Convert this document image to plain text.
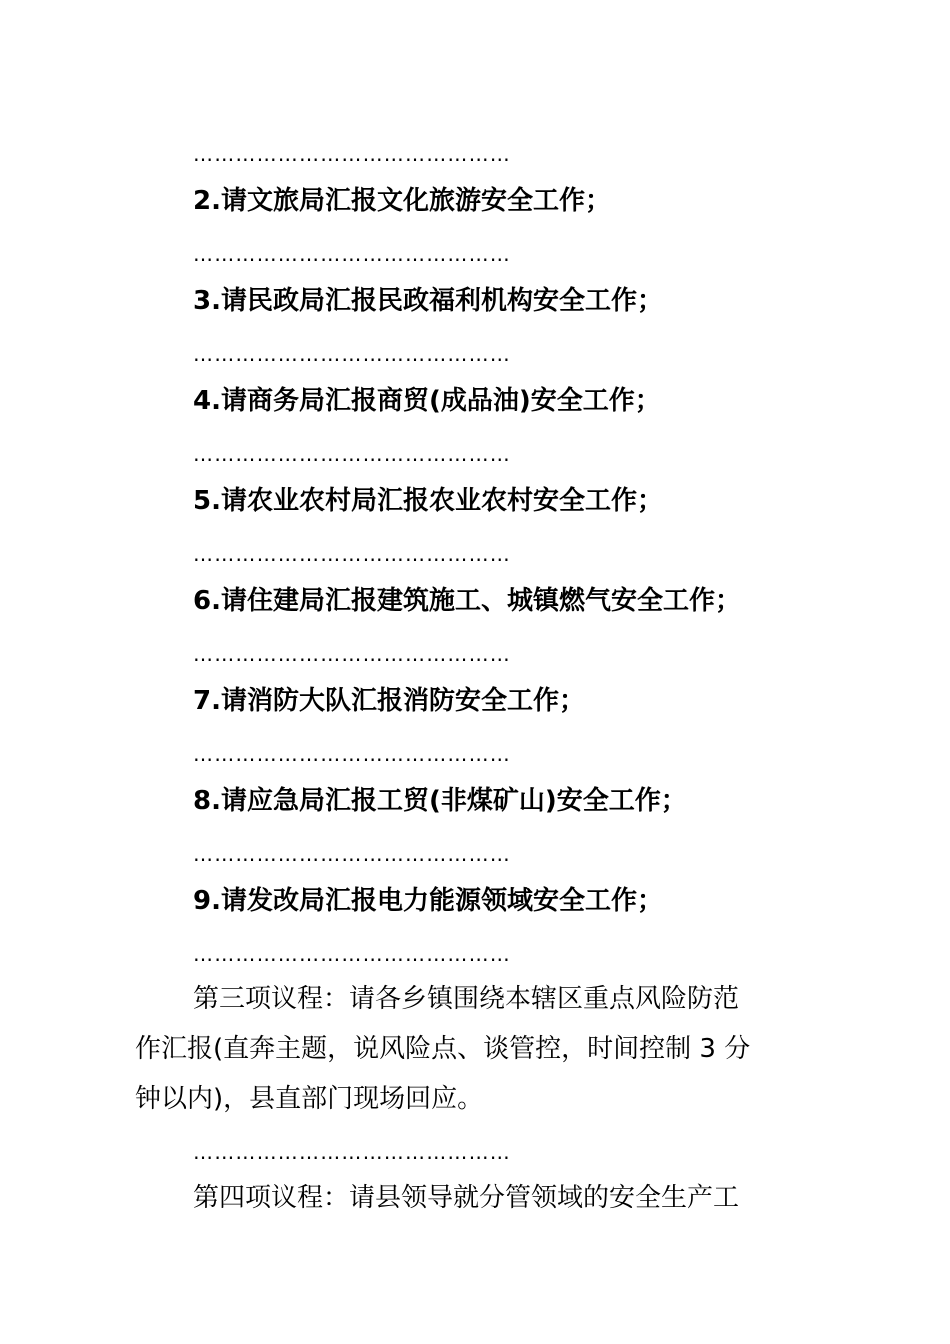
………………………………………
2.请文旅局汇报文化旅游安全工作；
………………………………………
3.请民政局汇报民政福利机构安全工作；
………………………………………
4.请商务局汇报商贸(成品油)安全工作；
………………………………………
5.请农业农村局汇报农业农村安全工作；
………………………………………
6.请住建局汇报建筑施工、城镇燃气安全工作；
………………………………………
7.请消防大队汇报消防安全工作；
………………………………………
8.请应急局汇报工贸(非煤矿山)安全工作；
………………………………………
9.请发改局汇报电力能源领域安全工作；
………………………………………
第三项议程：请各乡镇围绕本辖区重点风险防范
作汇报(直奔主题，说风险点、谈管控，时间控制 3 分
钟以内)，县直部门现场回应。
………………………………………
第四项议程：请县领导就分管领域的安全生产工
